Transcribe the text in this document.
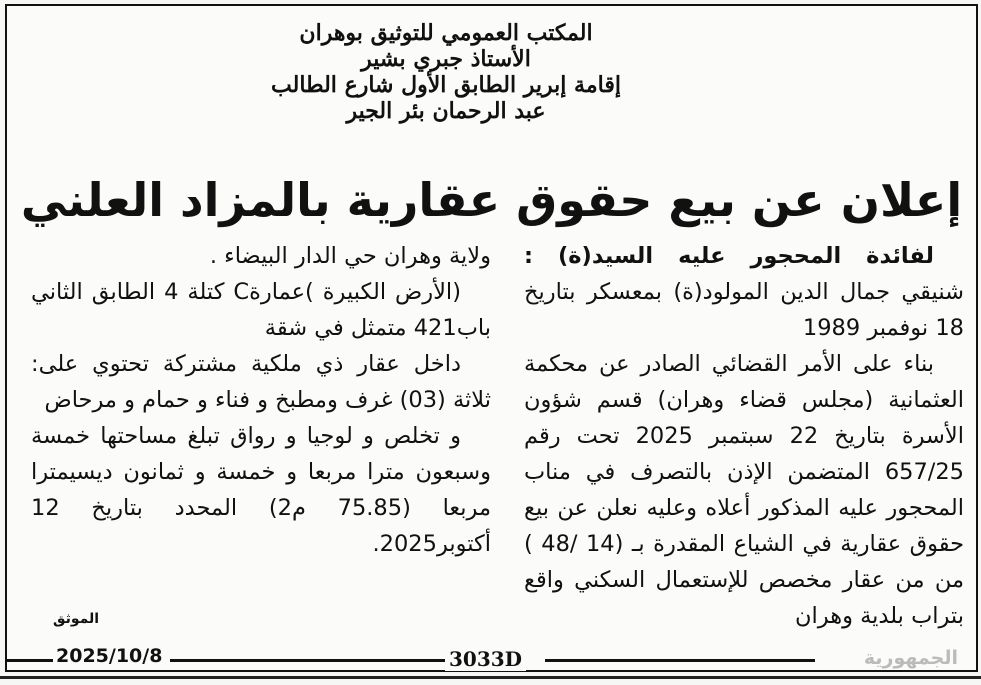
المكتب العمومي للتوثيق بوهران
الأستاذ جبري بشير
إقامة إبرير الطابق الأول شارع الطالب
عبد الرحمان بئر الجير
إعلان عن بيع حقوق عقارية بالمزاد العلني

لفائدة المحجور عليه السيد(ة) : شنيقي جمال الدين المولود(ة) بمعسكر بتاريخ 18 نوفمبر 1989

بناء على الأمر القضائي الصادر عن محكمة العثمانية (مجلس قضاء وهران) قسم شؤون الأسرة بتاريخ 22 سبتمبر 2025 تحت رقم 657/25 المتضمن الإذن بالتصرف في مناب المحجور عليه المذكور أعلاه وعليه نعلن عن بيع حقوق عقارية في الشياع المقدرة بـ (14 /48 ) من من عقار مخصص للإستعمال السكني واقع بتراب بلدية وهران

ولاية وهران حي الدار البيضاء .

(الأرض الكبيرة )عمارةC كتلة 4 الطابق الثاني باب421 متمثل في شقة

داخل عقار ذي ملكية مشتركة تحتوي على: ثلاثة (03) غرف ومطبخ و فناء و حمام و مرحاض

و تخلص و لوجيا و رواق تبلغ مساحتها خمسة وسبعون مترا مربعا و خمسة و ثمانون ديسيمترا مربعا (75.85 م2) المحدد بتاريخ 12 أكتوبر2025.

الموثق
2025/10/8	3033D	الجمهورية
